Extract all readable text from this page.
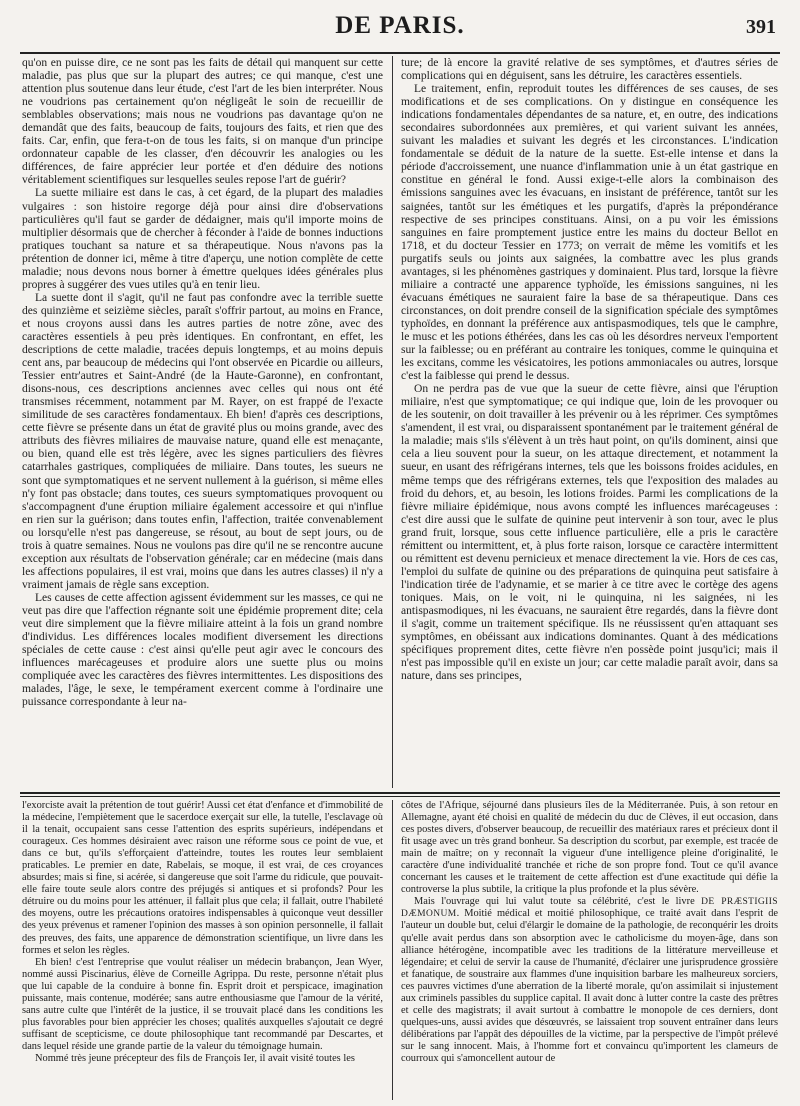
DE PARIS.	391

qu'on en puisse dire, ce ne sont pas les faits de détail qui manquent sur cette maladie, pas plus que sur la plupart des autres; ce qui manque, c'est une attention plus soutenue dans leur étude, c'est l'art de les bien interpréter. Nous ne voudrions pas certainement qu'on négligeât le soin de recueillir de semblables observations; mais nous ne voudrions pas davantage qu'on ne demandât que des faits, beaucoup de faits, toujours des faits, et rien que des faits. Car, enfin, que fera-t-on de tous les faits, si on manque d'un principe ordonnateur capable de les classer, d'en découvrir les analogies ou les différences, de faire apprécier leur portée et d'en déduire des notions véritablement scientifiques sur lesquelles seules repose l'art de guérir?

La suette miliaire est dans le cas, à cet égard, de la plupart des maladies vulgaires : son histoire regorge déjà pour ainsi dire d'observations particulières qu'il faut se garder de dédaigner, mais qu'il importe moins de multiplier désormais que de chercher à féconder à l'aide de bonnes inductions pratiques touchant sa nature et sa thérapeutique. Nous n'avons pas la prétention de donner ici, même à titre d'aperçu, une notion complète de cette maladie; nous devons nous borner à émettre quelques idées générales plus propres à suggérer des vues utiles qu'à en tenir lieu.

La suette dont il s'agit, qu'il ne faut pas confondre avec la terrible suette des quinzième et seizième siècles, paraît s'offrir partout, au moins en France, et nous croyons aussi dans les autres parties de notre zône, avec des caractères essentiels à peu près identiques. En confrontant, en effet, les descriptions de cette maladie, tracées depuis longtemps, et au moins depuis cent ans, par beaucoup de médecins qui l'ont observée en Picardie ou ailleurs, Tessier entr'autres et Saint-André (de la Haute-Garonne), en confrontant, disons-nous, ces descriptions anciennes avec celles qui nous ont été transmises récemment, notamment par M. Rayer, on est frappé de l'exacte similitude de ses caractères fondamentaux. Eh bien! d'après ces descriptions, cette fièvre se présente dans un état de gravité plus ou moins grande, avec des attributs des fièvres miliaires de mauvaise nature, quand elle est menaçante, ou bien, quand elle est très légère, avec les signes particuliers des fièvres catarrhales gastriques, compliquées de miliaire. Dans toutes, les sueurs ne sont que symptomatiques et ne servent nullement à la guérison, si même elles n'y font pas obstacle; dans toutes, ces sueurs symptomatiques provoquent ou s'accompagnent d'une éruption miliaire également accessoire et qui n'influe en rien sur la guérison; dans toutes enfin, l'affection, traitée convenablement ou lorsqu'elle n'est pas dangereuse, se résout, au bout de sept jours, ou de trois à quatre semaines. Nous ne voulons pas dire qu'il ne se rencontre aucune exception aux résultats de l'observation générale; car en médecine (mais dans les affections populaires, il est vrai, moins que dans les autres classes) il n'y a vraiment jamais de règle sans exception.

Les causes de cette affection agissent évidemment sur les masses, ce qui ne veut pas dire que l'affection régnante soit une épidémie proprement dite; cela veut dire simplement que la fièvre miliaire atteint à la fois un grand nombre d'individus. Les différences locales modifient diversement les directions spéciales de cette cause : c'est ainsi qu'elle peut agir avec le concours des influences marécageuses et produire alors une suette plus ou moins compliquée avec les caractères des fièvres intermittentes. Les dispositions des malades, l'âge, le sexe, le tempérament exercent comme à l'ordinaire une puissance correspondante à leur na-

ture; de là encore la gravité relative de ses symptômes, et d'autres séries de complications qui en déguisent, sans les détruire, les caractères essentiels.

Le traitement, enfin, reproduit toutes les différences de ses causes, de ses modifications et de ses complications. On y distingue en conséquence les indications fondamentales dépendantes de sa nature, et, en outre, des indications secondaires subordonnées aux premières, et qui varient suivant les années, suivant les maladies et suivant les degrés et les circonstances. L'indication fondamentale se déduit de la nature de la suette. Est-elle intense et dans la période d'accroissement, une nuance d'inflammation unie à un état gastrique en constitue en général le fond. Aussi exige-t-elle alors la combinaison des émissions sanguines avec les évacuans, en insistant de préférence, tantôt sur les saignées, tantôt sur les émétiques et les purgatifs, d'après la prépondérance respective de ses principes constituans. Ainsi, on a pu voir les émissions sanguines en faire promptement justice entre les mains du docteur Bellot en 1718, et du docteur Tessier en 1773; on verrait de même les vomitifs et les purgatifs seuls ou joints aux saignées, la combattre avec les plus grands avantages, si les phénomènes gastriques y dominaient. Plus tard, lorsque la fièvre miliaire a contracté une apparence typhoïde, les émissions sanguines, ni les évacuans émétiques ne sauraient faire la base de sa thérapeutique. Dans ces circonstances, on doit prendre conseil de la signification spéciale des symptômes typhoïdes, en donnant la préférence aux antispasmodiques, tels que le camphre, le musc et les potions éthérées, dans les cas où les désordres nerveux l'emportent sur la faiblesse; ou en préférant au contraire les toniques, comme le quinquina et les excitans, comme les vésicatoires, les potions ammoniacales ou autres, lorsque c'est la faiblesse qui prend le dessus.

On ne perdra pas de vue que la sueur de cette fièvre, ainsi que l'éruption miliaire, n'est que symptomatique; ce qui indique que, loin de les provoquer ou de les soutenir, on doit travailler à les prévenir ou à les réprimer. Ces symptômes s'amendent, il est vrai, ou disparaissent spontanément par le traitement général de la maladie; mais s'ils s'élèvent à un très haut point, on qu'ils dominent, ainsi que cela a lieu souvent pour la sueur, on les attaque directement, et notamment la sueur, en usant des réfrigérans internes, tels que les boissons froides acidules, en même temps que des réfrigérans externes, tels que l'exposition des malades au froid du dehors, et, au besoin, les lotions froides. Parmi les complications de la fièvre miliaire épidémique, nous avons compté les influences marécageuses : c'est dire aussi que le sulfate de quinine peut intervenir à son tour, avec le plus grand fruit, lorsque, sous cette influence particulière, elle a pris le caractère rémittent ou intermittent, et, à plus forte raison, lorsque ce caractère intermittent ou rémittent est devenu pernicieux et menace directement la vie. Hors de ces cas, l'emploi du sulfate de quinine ou des préparations de quinquina peut satisfaire à l'indication tirée de l'adynamie, et se marier à ce titre avec le cortège des agens toniques. Mais, on le voit, ni le quinquina, ni les saignées, ni les antispasmodiques, ni les évacuans, ne sauraient être regardés, dans la fièvre dont il s'agit, comme un traitement spécifique. Ils ne réussissent qu'en attaquant ses symptômes, en obéissant aux indications dominantes. Quant à des médications spécifiques proprement dites, cette fièvre n'en possède point jusqu'ici; mais il n'est pas impossible qu'il en existe un jour; car cette maladie paraît avoir, dans sa nature, dans ses principes,

l'exorciste avait la prétention de tout guérir! Aussi cet état d'enfance et d'immobilité de la médecine, l'empiètement que le sacerdoce exerçait sur elle, la tutelle, l'esclavage où il la tenait, occupaient sans cesse l'attention des esprits supérieurs, indépendans et courageux. Ces hommes désiraient avec raison une réforme sous ce point de vue, et dans ce but, qu'ils s'efforçaient d'atteindre, toutes les routes leur semblaient praticables. Le premier en date, Rabelais, se moque, il est vrai, de ces croyances absurdes; mais si fine, si acérée, si dangereuse que soit l'arme du ridicule, que pouvait-elle faire toute seule alors contre des préjugés si antiques et si profonds? Pour les détruire ou du moins pour les atténuer, il fallait plus que cela; il fallait, outre l'habileté des moyens, outre les précautions oratoires indispensables à quiconque veut dessiller des yeux prévenus et ramener l'opinion des masses à son opinion personnelle, il fallait des preuves, des faits, une apparence de démonstration scientifique, un livre dans les formes et selon les règles.

Eh bien! c'est l'entreprise que voulut réaliser un médecin brabançon, Jean Wyer, nommé aussi Piscinarius, élève de Corneille Agrippa. Du reste, personne n'était plus que lui capable de la conduire à bonne fin. Esprit droit et perspicace, imagination puissante, mais contenue, modérée; sans autre enthousiasme que l'amour de la vérité, sans autre culte que l'intérêt de la justice, il se trouvait placé dans les conditions les plus favorables pour bien apprécier les choses; qualités auxquelles s'ajoutait ce degré suffisant de scepticisme, ce doute philosophique tant recommandé par Descartes, et dans lequel réside une grande partie de la valeur du témoignage humain.

Nommé très jeune précepteur des fils de François Ier, il avait visité toutes les

côtes de l'Afrique, séjourné dans plusieurs îles de la Méditerranée. Puis, à son retour en Allemagne, ayant été choisi en qualité de médecin du duc de Clèves, il eut occasion, dans ces postes divers, d'observer beaucoup, de recueillir des matériaux rares et précieux dont il fit usage avec un très grand bonheur. Sa description du scorbut, par exemple, est tracée de main de maître; on y reconnaît la vigueur d'une intelligence pleine d'originalité, le caractère d'une individualité tranchée et riche de son propre fond. Tout ce qu'il avance concernant les causes et le traitement de cette affection est d'une exactitude qui défie la controverse la plus subtile, la critique la plus profonde et la plus sévère.

Mais l'ouvrage qui lui valut toute sa célébrité, c'est le livre DE PRÆSTIGIIS DÆMONUM. Moitié médical et moitié philosophique, ce traité avait dans l'esprit de l'auteur un double but, celui d'élargir le domaine de la pathologie, de reconquérir les droits qu'elle avait perdus dans son absorption avec le catholicisme du moyen-âge, dans son alliance hétérogène, incompatible avec les traditions de la littérature merveilleuse et légendaire; et celui de servir la cause de l'humanité, d'éclairer une jurisprudence grossière et fanatique, de soustraire aux flammes d'une inquisition barbare les malheureux sorciers, ces pauvres victimes d'une aberration de la liberté morale, qu'on assimilait si injustement aux criminels passibles du supplice capital. Il avait donc à lutter contre la caste des prêtres et celle des magistrats; il avait surtout à combattre le monopole de ces derniers, dont quelques-uns, aussi avides que désœuvrés, se laissaient trop souvent entraîner dans leurs délibérations par l'appât des dépouilles de la victime, par la perspective de l'impôt prélevé sur le sang innocent. Mais, à l'homme fort et convaincu qu'importent les clameurs de courroux qui s'amoncellent autour de
